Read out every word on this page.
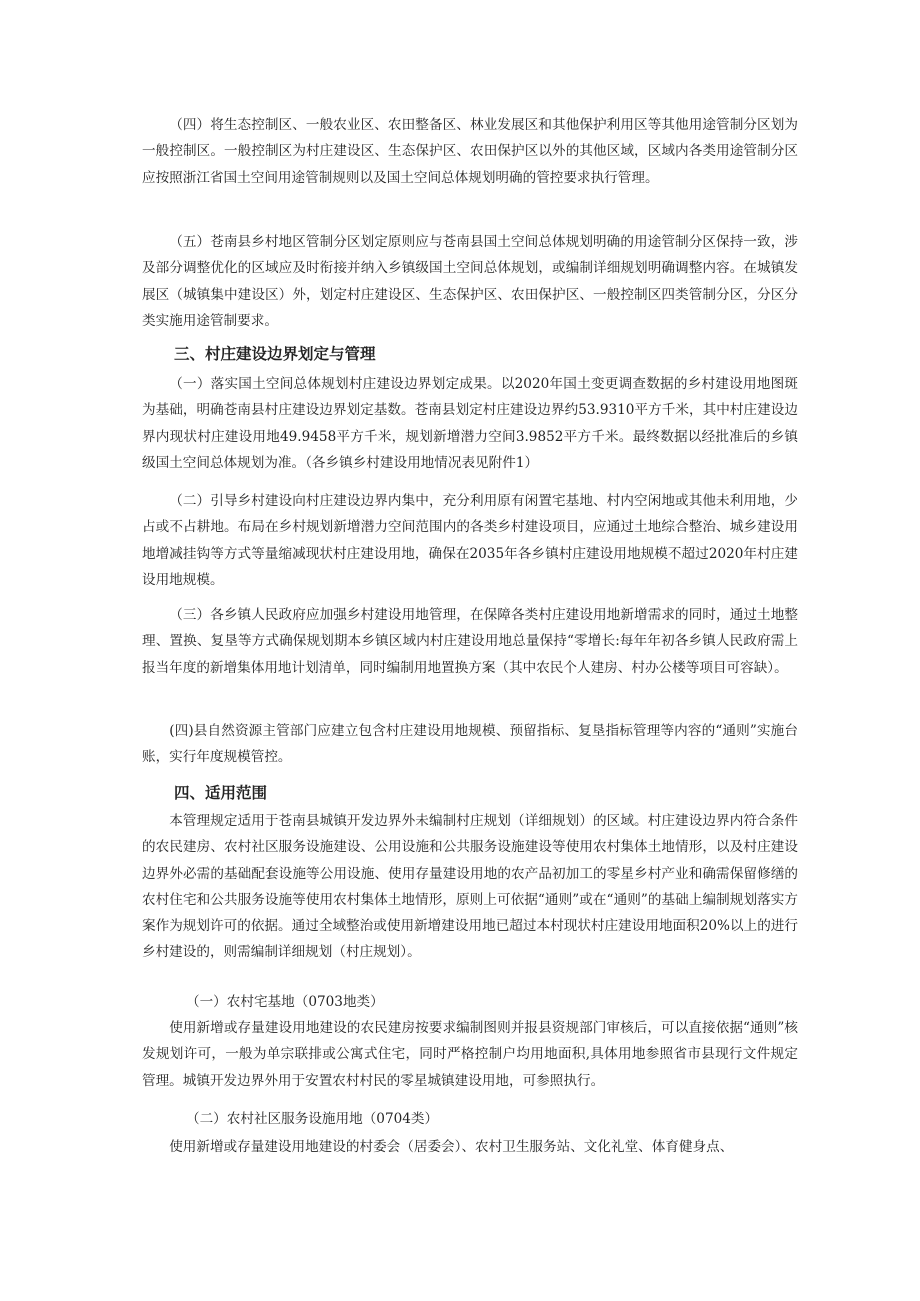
（四）将生态控制区、一般农业区、农田整备区、林业发展区和其他保护利用区等其他用途管制分区划为一般控制区。一般控制区为村庄建设区、生态保护区、农田保护区以外的其他区域，区域内各类用途管制分区应按照浙江省国土空间用途管制规则以及国土空间总体规划明确的管控要求执行管理。

（五）苍南县乡村地区管制分区划定原则应与苍南县国土空间总体规划明确的用途管制分区保持一致，涉及部分调整优化的区域应及时衔接并纳入乡镇级国土空间总体规划，或编制详细规划明确调整内容。在城镇发展区（城镇集中建设区）外，划定村庄建设区、生态保护区、农田保护区、一般控制区四类管制分区，分区分类实施用途管制要求。

三、村庄建设边界划定与管理

（一）落实国土空间总体规划村庄建设边界划定成果。以2020年国土变更调查数据的乡村建设用地图斑为基础，明确苍南县村庄建设边界划定基数。苍南县划定村庄建设边界约53.9310平方千米，其中村庄建设边界内现状村庄建设用地49.9458平方千米，规划新增潜力空间3.9852平方千米。最终数据以经批准后的乡镇级国土空间总体规划为准。（各乡镇乡村建设用地情况表见附件1）

（二）引导乡村建设向村庄建设边界内集中，充分利用原有闲置宅基地、村内空闲地或其他未利用地，少占或不占耕地。布局在乡村规划新增潜力空间范围内的各类乡村建设项目，应通过土地综合整治、城乡建设用地增减挂钩等方式等量缩减现状村庄建设用地，确保在2035年各乡镇村庄建设用地规模不超过2020年村庄建设用地规模。

（三）各乡镇人民政府应加强乡村建设用地管理，在保障各类村庄建设用地新增需求的同时，通过土地整理、置换、复垦等方式确保规划期本乡镇区域内村庄建设用地总量保持“零增长:每年年初各乡镇人民政府需上报当年度的新增集体用地计划清单，同时编制用地置换方案（其中农民个人建房、村办公楼等项目可容缺）。

(四)县自然资源主管部门应建立包含村庄建设用地规模、预留指标、复垦指标管理等内容的“通则”实施台账，实行年度规模管控。

四、适用范围

本管理规定适用于苍南县城镇开发边界外未编制村庄规划（详细规划）的区域。村庄建设边界内符合条件的农民建房、农村社区服务设施建设、公用设施和公共服务设施建设等使用农村集体土地情形，以及村庄建设边界外必需的基础配套设施等公用设施、使用存量建设用地的农产品初加工的零星乡村产业和确需保留修缮的农村住宅和公共服务设施等使用农村集体土地情形，原则上可依据“通则”或在“通则”的基础上编制规划落实方案作为规划许可的依据。通过全域整治或使用新增建设用地已超过本村现状村庄建设用地面积20%以上的进行乡村建设的，则需编制详细规划（村庄规划）。

（一）农村宅基地（0703地类）

使用新增或存量建设用地建设的农民建房按要求编制图则并报县资规部门审核后，可以直接依据“通则”核发规划许可，一般为单宗联排或公寓式住宅，同时严格控制户均用地面积,具体用地参照省市县现行文件规定管理。城镇开发边界外用于安置农村村民的零星城镇建设用地，可参照执行。

（二）农村社区服务设施用地（0704类）

使用新增或存量建设用地建设的村委会（居委会）、农村卫生服务站、文化礼堂、体育健身点、
